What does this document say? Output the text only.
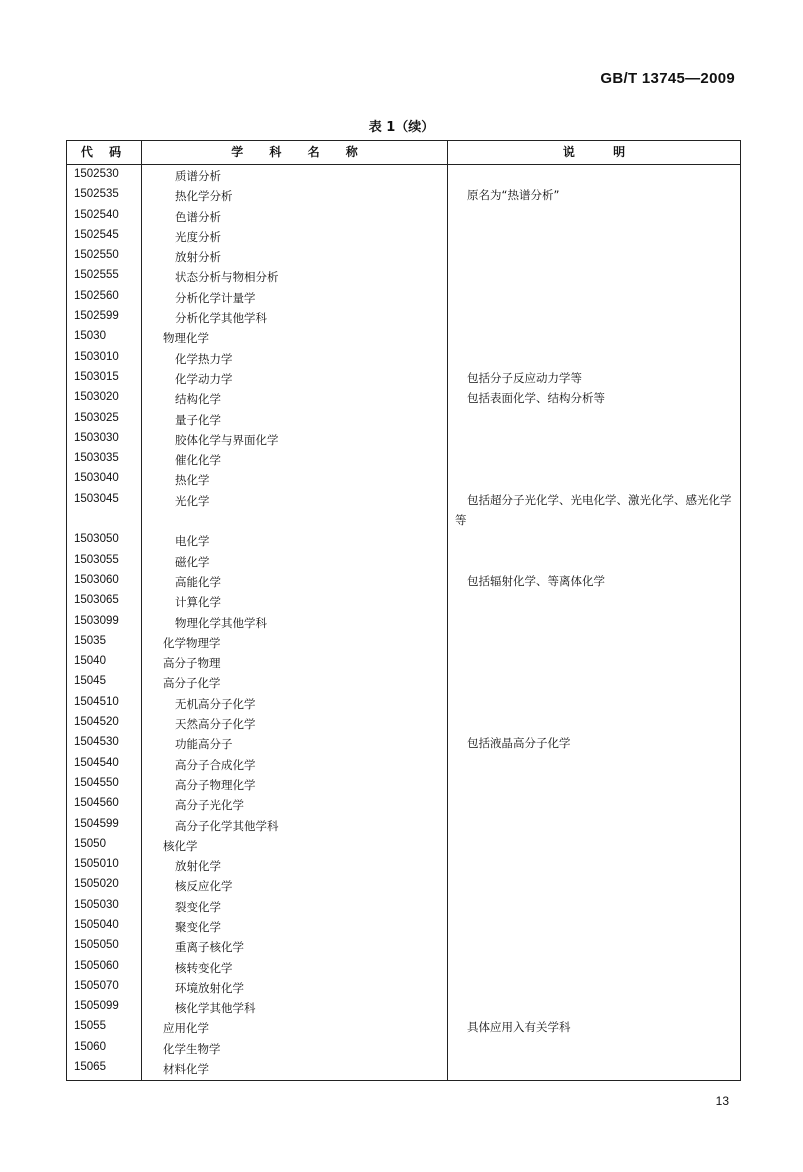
GB/T 13745—2009
表 1（续）
代 码	学 科 名 称	说 明
1502530	质谱分析
1502535	热化学分析	原名为“热谱分析”
1502540	色谱分析
1502545	光度分析
1502550	放射分析
1502555	状态分析与物相分析
1502560	分析化学计量学
1502599	分析化学其他学科
15030	物理化学
1503010	化学热力学
1503015	化学动力学	包括分子反应动力学等
1503020	结构化学	包括表面化学、结构分析等
1503025	量子化学
1503030	胶体化学与界面化学
1503035	催化化学
1503040	热化学
1503045	光化学	包括超分子光化学、光电化学、激光化学、感光化学等
1503050	电化学
1503055	磁化学
1503060	高能化学	包括辐射化学、等离体化学
1503065	计算化学
1503099	物理化学其他学科
15035	化学物理学
15040	高分子物理
15045	高分子化学
1504510	无机高分子化学
1504520	天然高分子化学
1504530	功能高分子	包括液晶高分子化学
1504540	高分子合成化学
1504550	高分子物理化学
1504560	高分子光化学
1504599	高分子化学其他学科
15050	核化学
1505010	放射化学
1505020	核反应化学
1505030	裂变化学
1505040	聚变化学
1505050	重离子核化学
1505060	核转变化学
1505070	环境放射化学
1505099	核化学其他学科
15055	应用化学	具体应用入有关学科
15060	化学生物学
15065	材料化学
13
